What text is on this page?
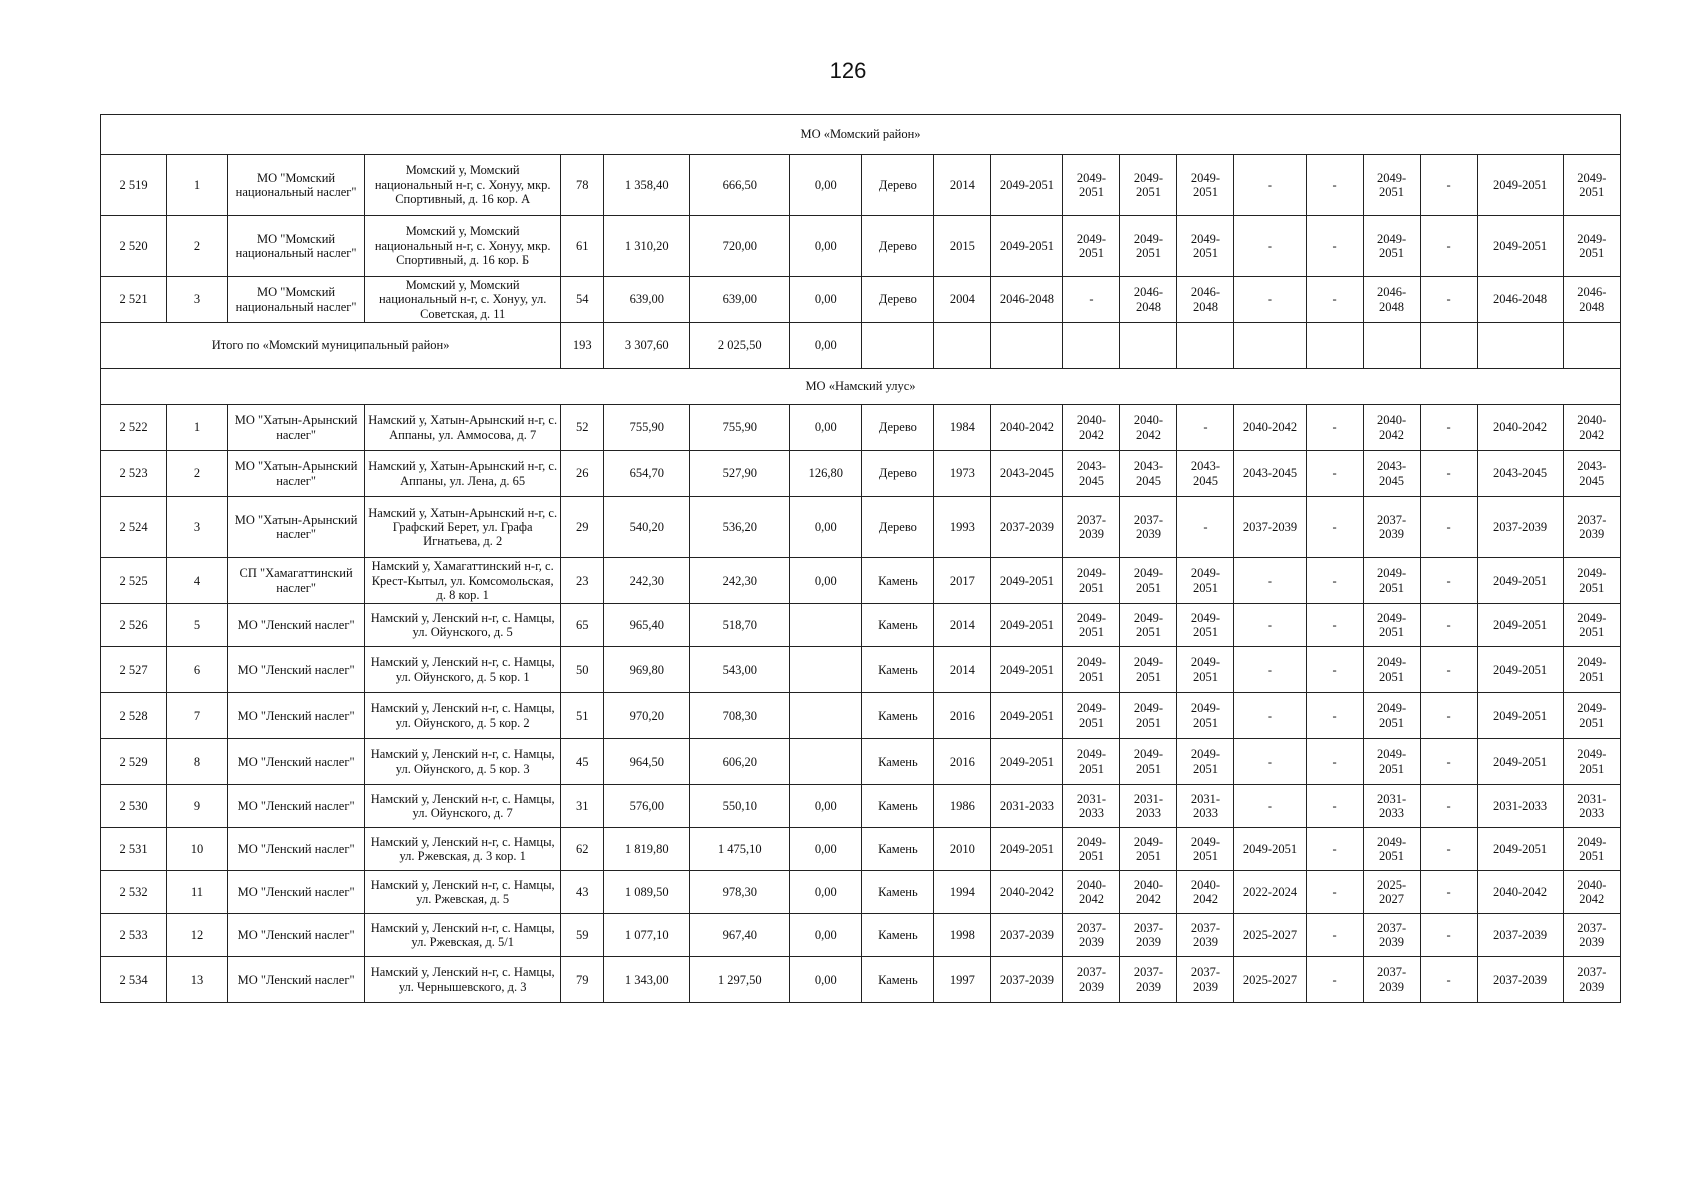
126
МО «Момский район»																			
2 519	1	МО "Момский национальный наслег"	Момский у, Момский национальный н-г, с. Хонуу, мкр. Спортивный, д. 16 кор. А	78	1 358,40	666,50	0,00	Дерево	2014	2049-2051	2049-2051	2049-2051	2049-2051	-	-	2049-2051	-	2049-2051	2049-2051
2 520	2	МО "Момский национальный наслег"	Момский у, Момский национальный н-г, с. Хонуу, мкр. Спортивный, д. 16 кор. Б	61	1 310,20	720,00	0,00	Дерево	2015	2049-2051	2049-2051	2049-2051	2049-2051	-	-	2049-2051	-	2049-2051	2049-2051
2 521	3	МО "Момский национальный наслег"	Момский у, Момский национальный н-г, с. Хонуу, ул. Советская, д. 11	54	639,00	639,00	0,00	Дерево	2004	2046-2048	-	2046-2048	2046-2048	-	-	2046-2048	-	2046-2048	2046-2048
Итого по «Момский муниципальный район»				193	3 307,60	2 025,50	0,00												
МО «Намский улус»																			
2 522	1	МО "Хатын-Арынский наслег"	Намский у, Хатын-Арынский н-г, с. Аппаны, ул. Аммосова, д. 7	52	755,90	755,90	0,00	Дерево	1984	2040-2042	2040-2042	2040-2042	-	2040-2042	-	2040-2042	-	2040-2042	2040-2042
2 523	2	МО "Хатын-Арынский наслег"	Намский у, Хатын-Арынский н-г, с. Аппаны, ул. Лена, д. 65	26	654,70	527,90	126,80	Дерево	1973	2043-2045	2043-2045	2043-2045	2043-2045	2043-2045	-	2043-2045	-	2043-2045	2043-2045
2 524	3	МО "Хатын-Арынский наслег"	Намский у, Хатын-Арынский н-г, с. Графский Берет, ул. Графа Игнатьева, д. 2	29	540,20	536,20	0,00	Дерево	1993	2037-2039	2037-2039	2037-2039	-	2037-2039	-	2037-2039	-	2037-2039	2037-2039
2 525	4	СП "Хамагаттинский наслег"	Намский у, Хамагаттинский н-г, с. Крест-Кытыл, ул. Комсомольская, д. 8 кор. 1	23	242,30	242,30	0,00	Камень	2017	2049-2051	2049-2051	2049-2051	2049-2051	-	-	2049-2051	-	2049-2051	2049-2051
2 526	5	МО "Ленский наслег"	Намский у, Ленский н-г, с. Намцы, ул. Ойунского, д. 5	65	965,40	518,70		Камень	2014	2049-2051	2049-2051	2049-2051	2049-2051	-	-	2049-2051	-	2049-2051	2049-2051
2 527	6	МО "Ленский наслег"	Намский у, Ленский н-г, с. Намцы, ул. Ойунского, д. 5 кор. 1	50	969,80	543,00		Камень	2014	2049-2051	2049-2051	2049-2051	2049-2051	-	-	2049-2051	-	2049-2051	2049-2051
2 528	7	МО "Ленский наслег"	Намский у, Ленский н-г, с. Намцы, ул. Ойунского, д. 5 кор. 2	51	970,20	708,30		Камень	2016	2049-2051	2049-2051	2049-2051	2049-2051	-	-	2049-2051	-	2049-2051	2049-2051
2 529	8	МО "Ленский наслег"	Намский у, Ленский н-г, с. Намцы, ул. Ойунского, д. 5 кор. 3	45	964,50	606,20		Камень	2016	2049-2051	2049-2051	2049-2051	2049-2051	-	-	2049-2051	-	2049-2051	2049-2051
2 530	9	МО "Ленский наслег"	Намский у, Ленский н-г, с. Намцы, ул. Ойунского, д. 7	31	576,00	550,10	0,00	Камень	1986	2031-2033	2031-2033	2031-2033	2031-2033	-	-	2031-2033	-	2031-2033	2031-2033
2 531	10	МО "Ленский наслег"	Намский у, Ленский н-г, с. Намцы, ул. Ржевская, д. 3 кор. 1	62	1 819,80	1 475,10	0,00	Камень	2010	2049-2051	2049-2051	2049-2051	2049-2051	2049-2051	-	2049-2051	-	2049-2051	2049-2051
2 532	11	МО "Ленский наслег"	Намский у, Ленский н-г, с. Намцы, ул. Ржевская, д. 5	43	1 089,50	978,30	0,00	Камень	1994	2040-2042	2040-2042	2040-2042	2040-2042	2022-2024	-	2025-2027	-	2040-2042	2040-2042
2 533	12	МО "Ленский наслег"	Намский у, Ленский н-г, с. Намцы, ул. Ржевская, д. 5/1	59	1 077,10	967,40	0,00	Камень	1998	2037-2039	2037-2039	2037-2039	2037-2039	2025-2027	-	2037-2039	-	2037-2039	2037-2039
2 534	13	МО "Ленский наслег"	Намский у, Ленский н-г, с. Намцы, ул. Чернышевского, д. 3	79	1 343,00	1 297,50	0,00	Камень	1997	2037-2039	2037-2039	2037-2039	2037-2039	2025-2027	-	2037-2039	-	2037-2039	2037-2039
